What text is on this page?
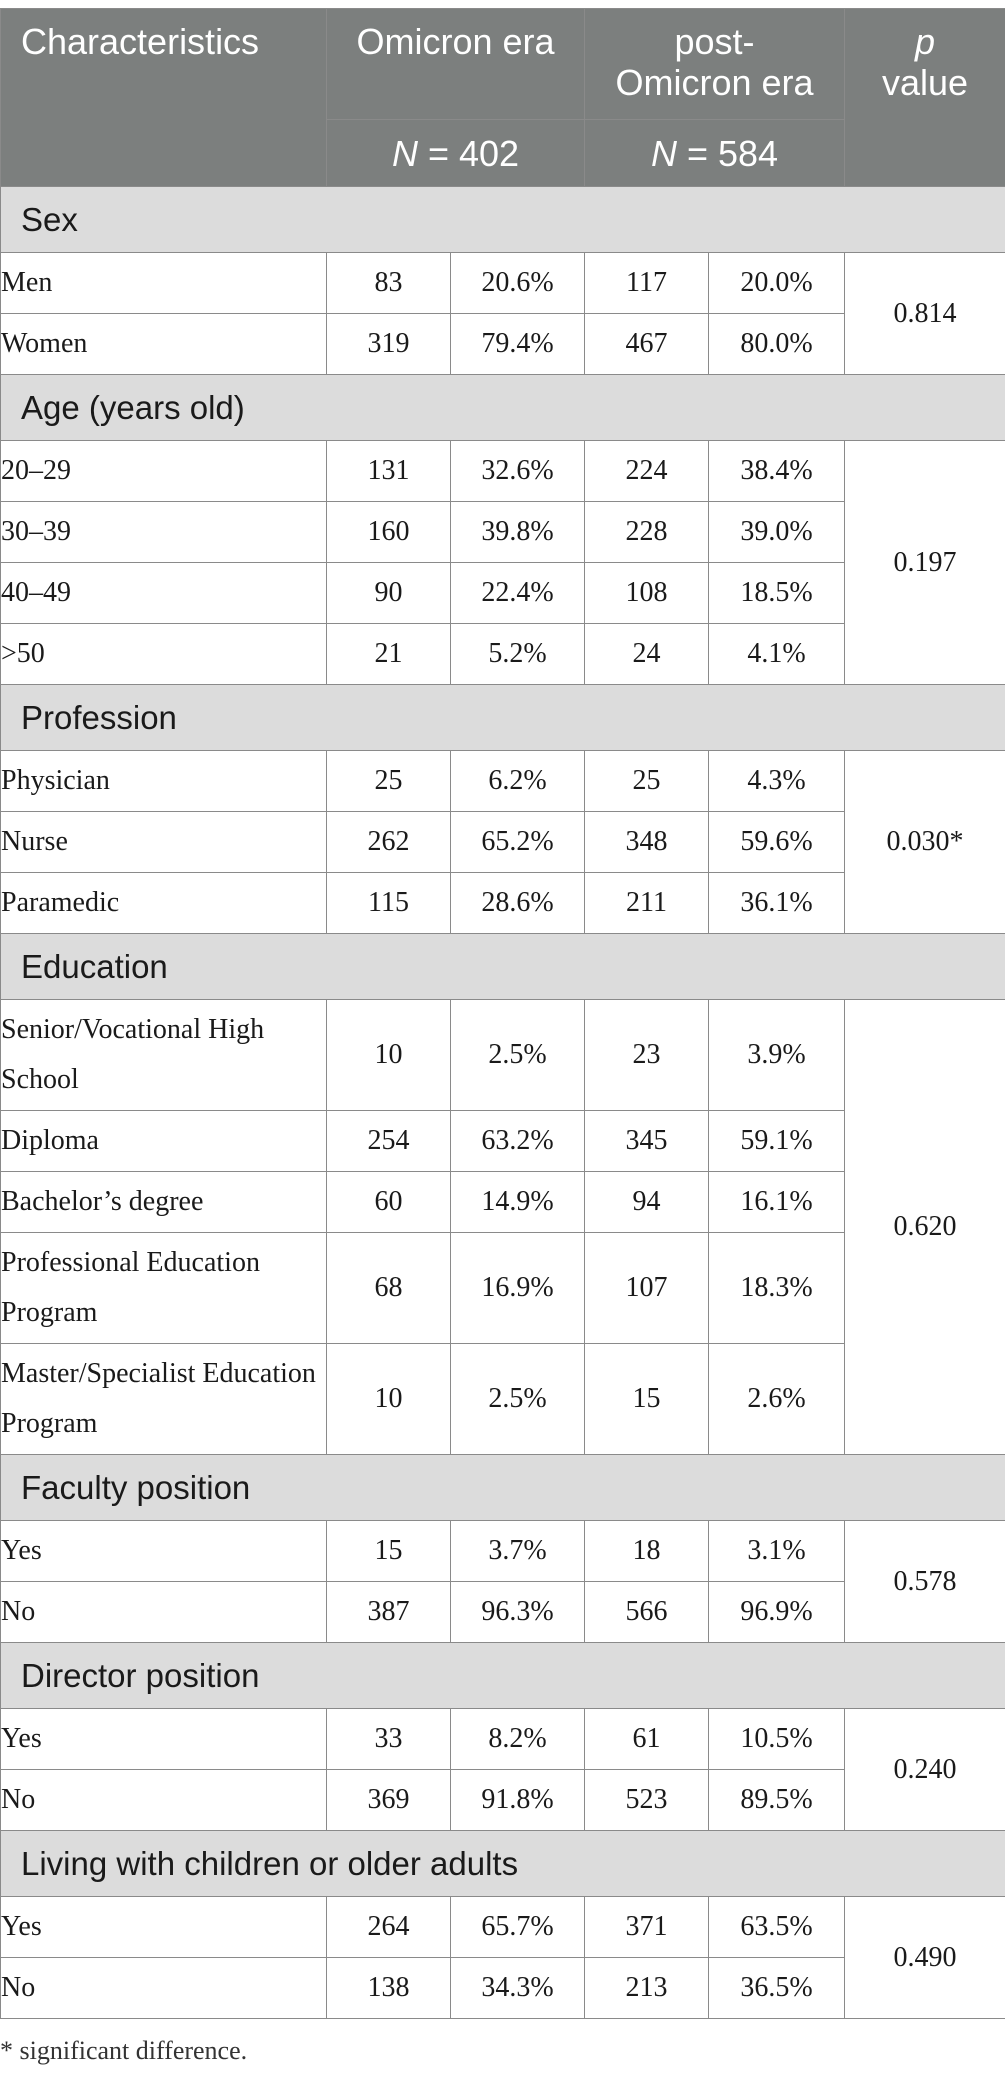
Characteristics	Omicron era		post-
Omicron era		p
value
	N = 402		N = 584		
Sex					
Men	83	20.6%	117	20.0%	0.814
Women	319	79.4%	467	80.0%	
Age (years old)					
20–29	131	32.6%	224	38.4%	0.197
30–39	160	39.8%	228	39.0%	
40–49	90	22.4%	108	18.5%	
>50	21	5.2%	24	4.1%	
Profession					
Physician	25	6.2%	25	4.3%	0.030*
Nurse	262	65.2%	348	59.6%	
Paramedic	115	28.6%	211	36.1%	
Education					
Senior/Vocational High School	10	2.5%	23	3.9%	0.620
Diploma	254	63.2%	345	59.1%	
Bachelor’s degree	60	14.9%	94	16.1%	
Professional Education Program	68	16.9%	107	18.3%	
Master/Specialist Education Program	10	2.5%	15	2.6%	
Faculty position					
Yes	15	3.7%	18	3.1%	0.578
No	387	96.3%	566	96.9%	
Director position					
Yes	33	8.2%	61	10.5%	0.240
No	369	91.8%	523	89.5%	
Living with children or older adults					
Yes	264	65.7%	371	63.5%	0.490
No	138	34.3%	213	36.5%	
* significant difference.
